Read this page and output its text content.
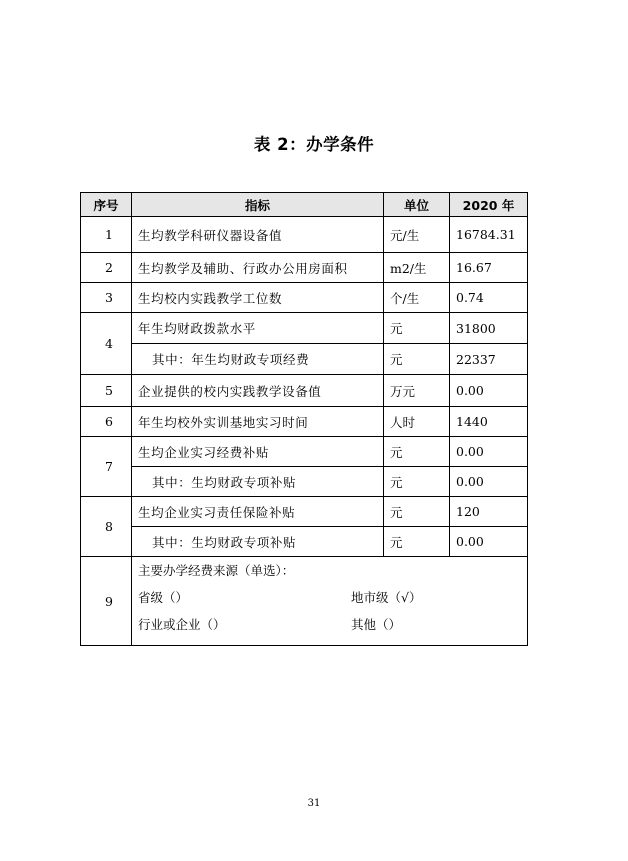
表 2：办学条件
序号	指标	单位	2020 年
1	生均教学科研仪器设备值	元/生	16784.31
2	生均教学及辅助、行政办公用房面积	m2/生	16.67
3	生均校内实践教学工位数	个/生	0.74
4	年生均财政拨款水平	元	31800
	其中：年生均财政专项经费	元	22337
5	企业提供的校内实践教学设备值	万元	0.00
6	年生均校外实训基地实习时间	人时	1440
7	生均企业实习经费补贴	元	0.00
	其中：生均财政专项补贴	元	0.00
8	生均企业实习责任保险补贴	元	120
	其中：生均财政专项补贴	元	0.00
9	主要办学经费来源（单选）：
省级（） 地市级（√）
行业或企业（） 其他（）		
31
